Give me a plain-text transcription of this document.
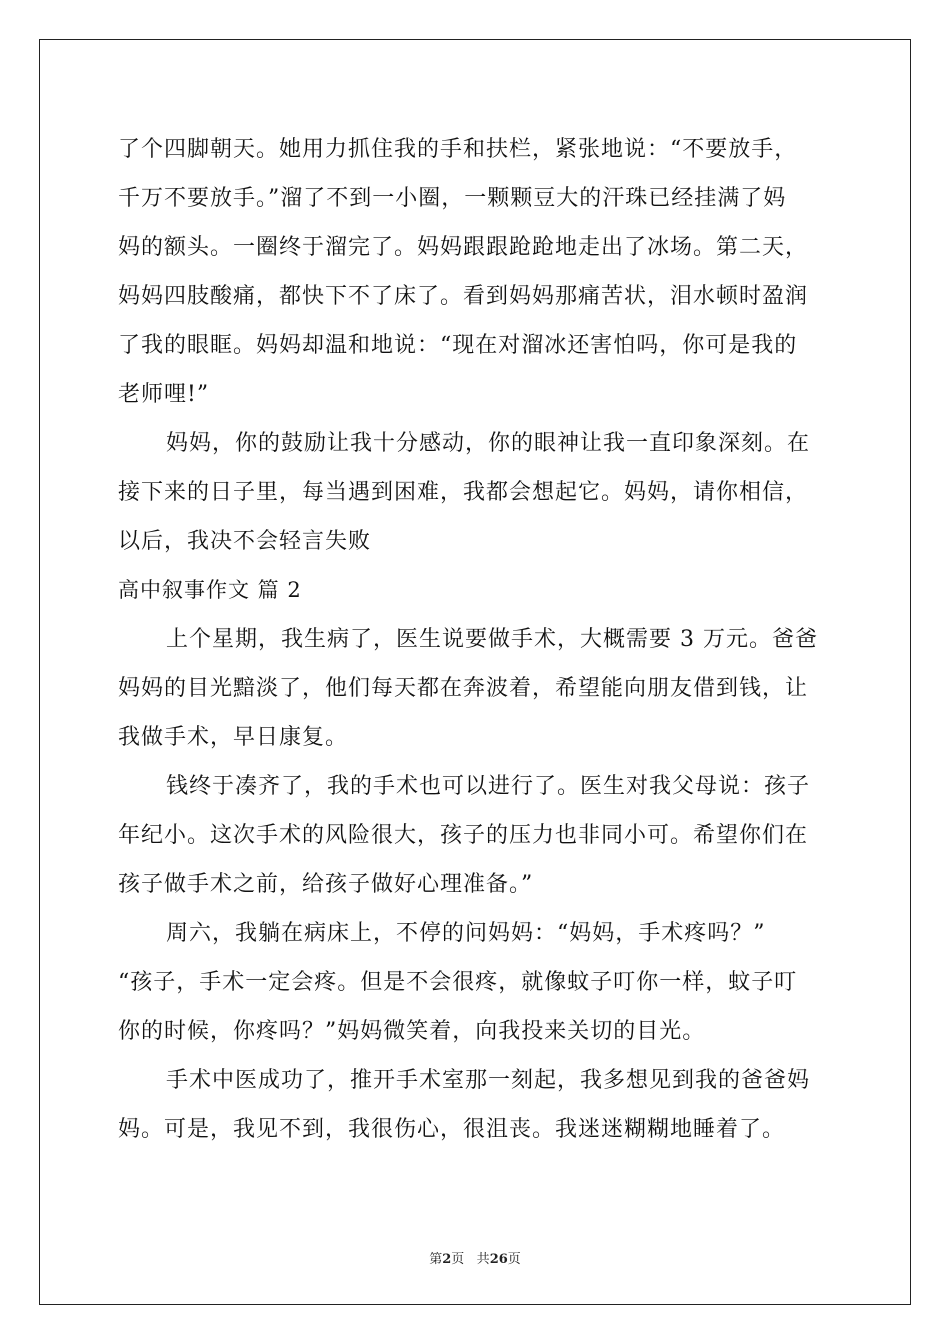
了个四脚朝天。她用力抓住我的手和扶栏，紧张地说：“不要放手，
千万不要放手。”溜了不到一小圈，一颗颗豆大的汗珠已经挂满了妈
妈的额头。一圈终于溜完了。妈妈跟跟跄跄地走出了冰场。第二天，
妈妈四肢酸痛，都快下不了床了。看到妈妈那痛苦状，泪水顿时盈润
了我的眼眶。妈妈却温和地说：“现在对溜冰还害怕吗，你可是我的
老师哩!”
妈妈，你的鼓励让我十分感动，你的眼神让我一直印象深刻。在
接下来的日子里，每当遇到困难，我都会想起它。妈妈，请你相信，
以后，我决不会轻言失败
高中叙事作文 篇 2
上个星期，我生病了，医生说要做手术，大概需要 3 万元。爸爸
妈妈的目光黯淡了，他们每天都在奔波着，希望能向朋友借到钱，让
我做手术，早日康复。
钱终于凑齐了，我的手术也可以进行了。医生对我父母说：孩子
年纪小。这次手术的风险很大，孩子的压力也非同小可。希望你们在
孩子做手术之前，给孩子做好心理准备。”
周六，我躺在病床上，不停的问妈妈：“妈妈，手术疼吗？”
“孩子，手术一定会疼。但是不会很疼，就像蚊子叮你一样，蚊子叮
你的时候，你疼吗？”妈妈微笑着，向我投来关切的目光。
手术中医成功了，推开手术室那一刻起，我多想见到我的爸爸妈
妈。可是，我见不到，我很伤心，很沮丧。我迷迷糊糊地睡着了。
第2页 共26页
